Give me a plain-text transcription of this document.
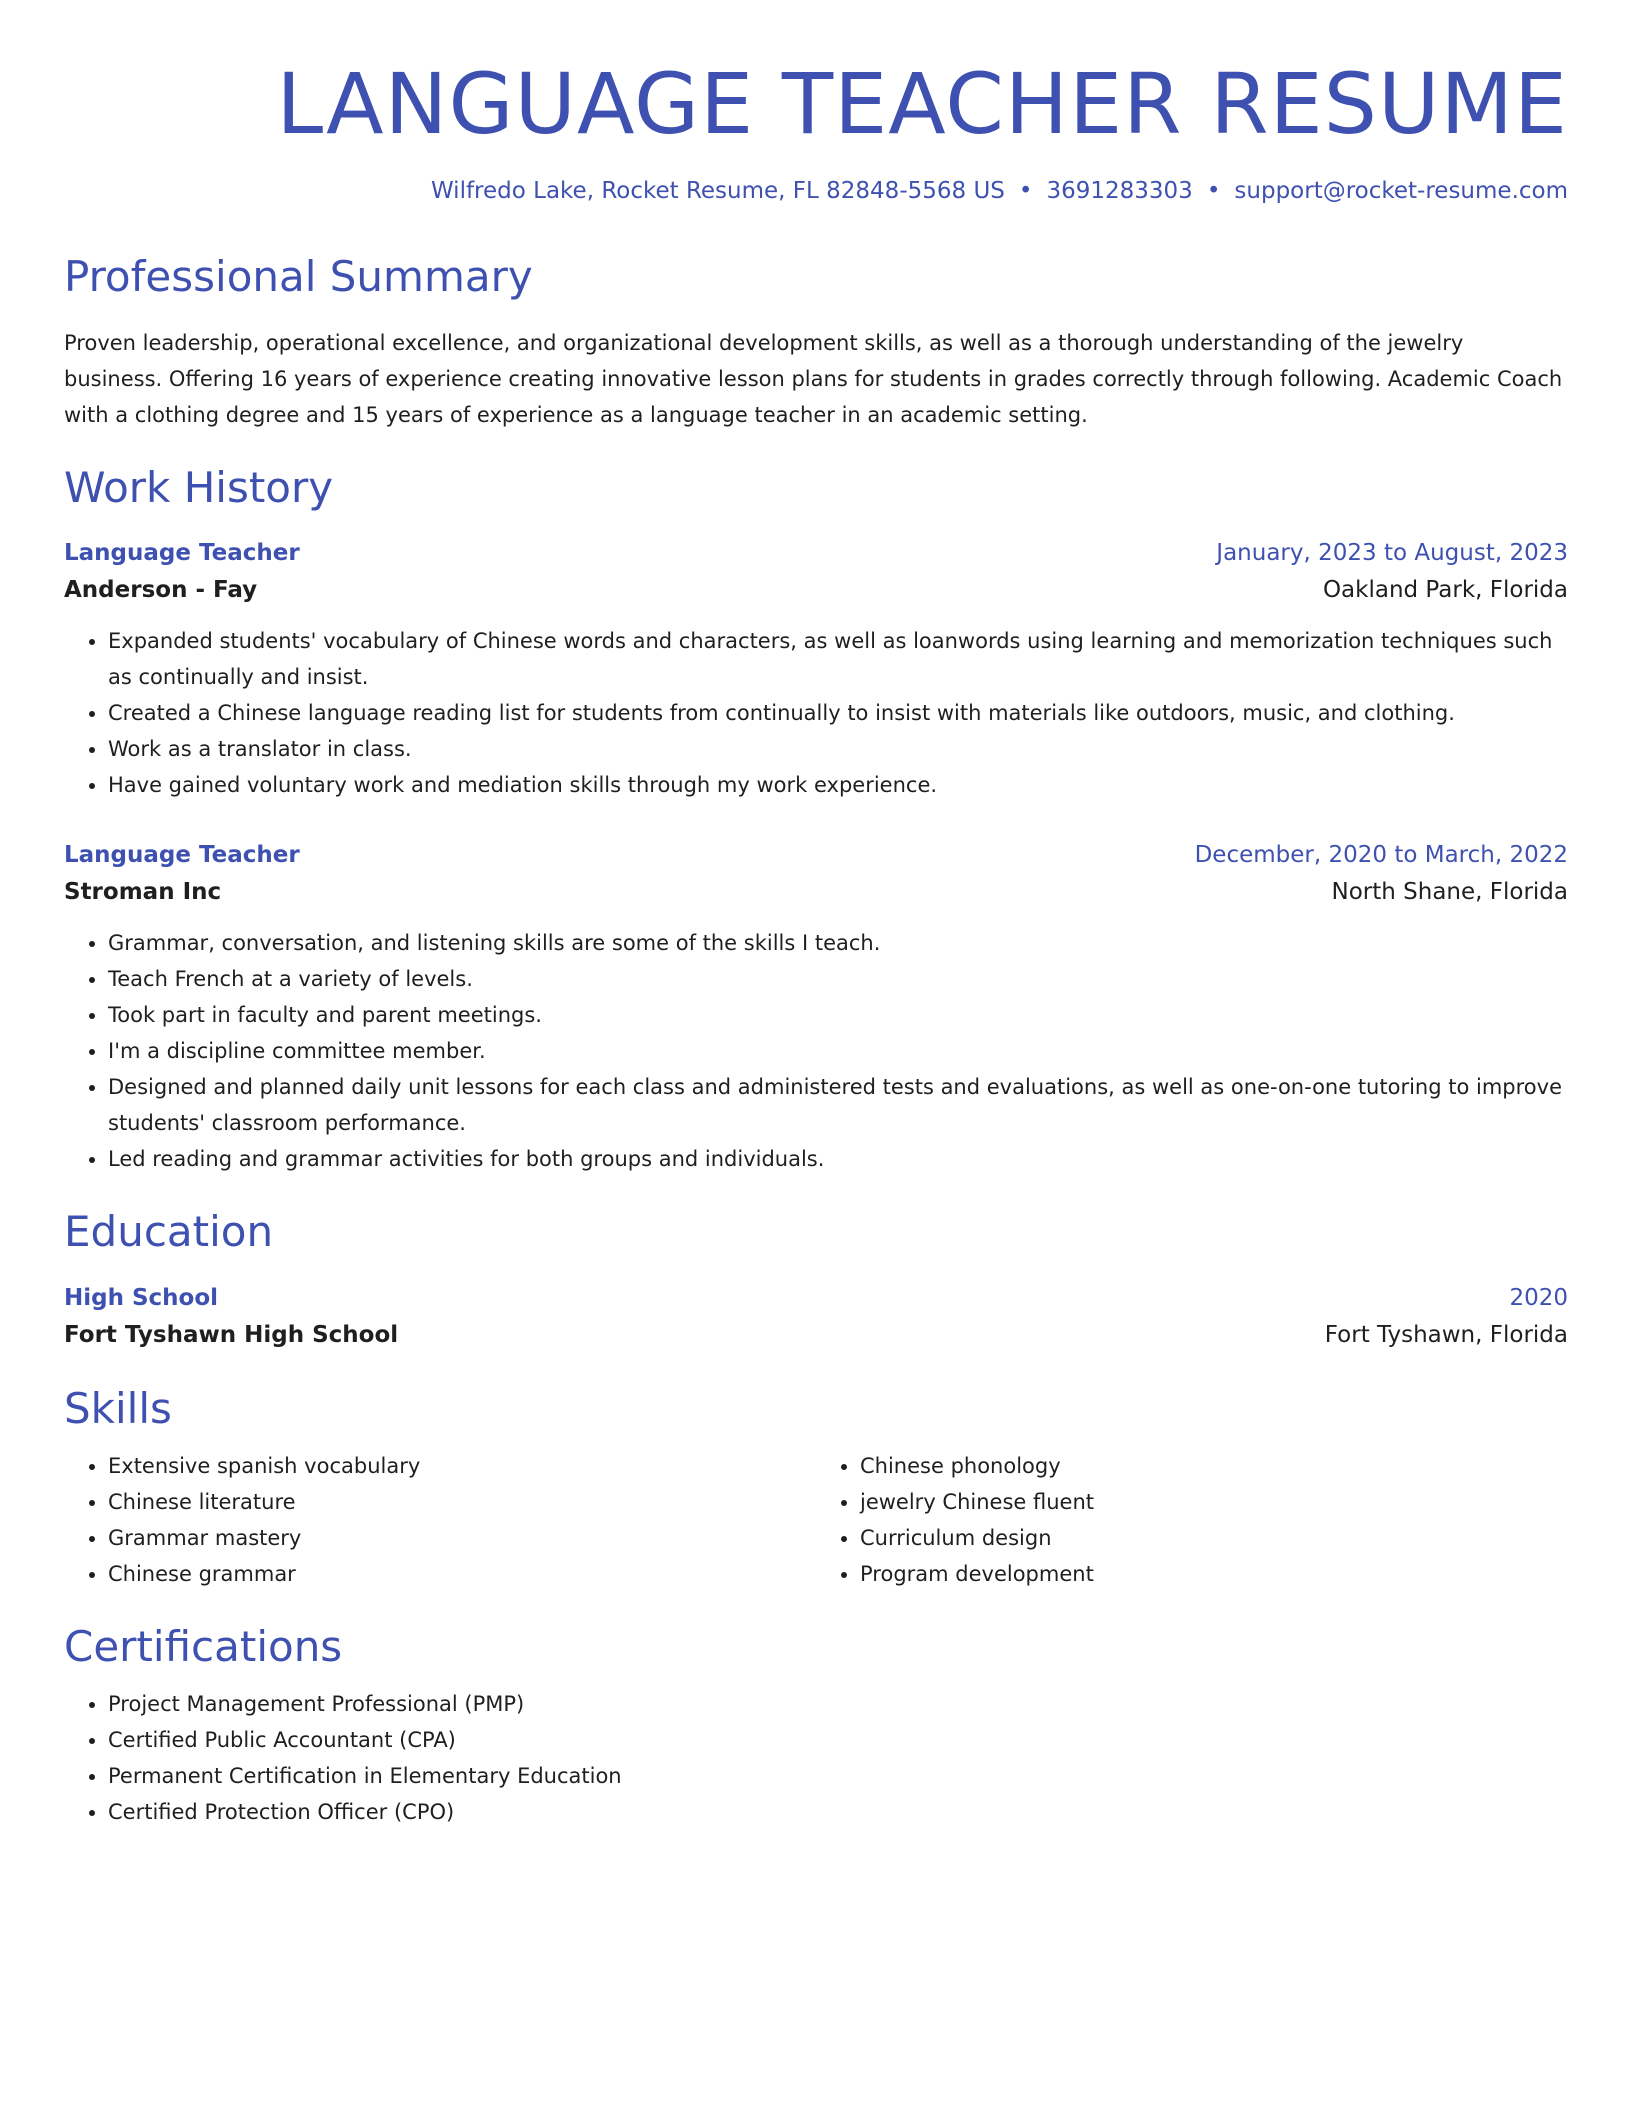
LANGUAGE TEACHER RESUME
Wilfredo Lake, Rocket Resume, FL 82848-5568 US • 3691283303 • support@rocket-resume.com
Professional Summary

Proven leadership, operational excellence, and organizational development skills, as well as a thorough understanding of the jewelry business. Offering 16 years of experience creating innovative lesson plans for students in grades correctly through following. Academic Coach with a clothing degree and 15 years of experience as a language teacher in an academic setting.

Work History
Language Teacher	January, 2023 to August, 2023
Anderson - Fay	Oakland Park, Florida
• Expanded students' vocabulary of Chinese words and characters, as well as loanwords using learning and memorization techniques such as continually and insist.
• Created a Chinese language reading list for students from continually to insist with materials like outdoors, music, and clothing.
• Work as a translator in class.
• Have gained voluntary work and mediation skills through my work experience.
Language Teacher	December, 2020 to March, 2022
Stroman Inc	North Shane, Florida
• Grammar, conversation, and listening skills are some of the skills I teach.
• Teach French at a variety of levels.
• Took part in faculty and parent meetings.
• I'm a discipline committee member.
• Designed and planned daily unit lessons for each class and administered tests and evaluations, as well as one-on-one tutoring to improve students' classroom performance.
• Led reading and grammar activities for both groups and individuals.
Education
High School	2020
Fort Tyshawn High School	Fort Tyshawn, Florida
Skills
• Extensive spanish vocabulary
• Chinese literature
• Grammar mastery
• Chinese grammar
• Chinese phonology
• jewelry Chinese fluent
• Curriculum design
• Program development
Certifications
• Project Management Professional (PMP)
• Certified Public Accountant (CPA)
• Permanent Certification in Elementary Education
• Certified Protection Officer (CPO)
